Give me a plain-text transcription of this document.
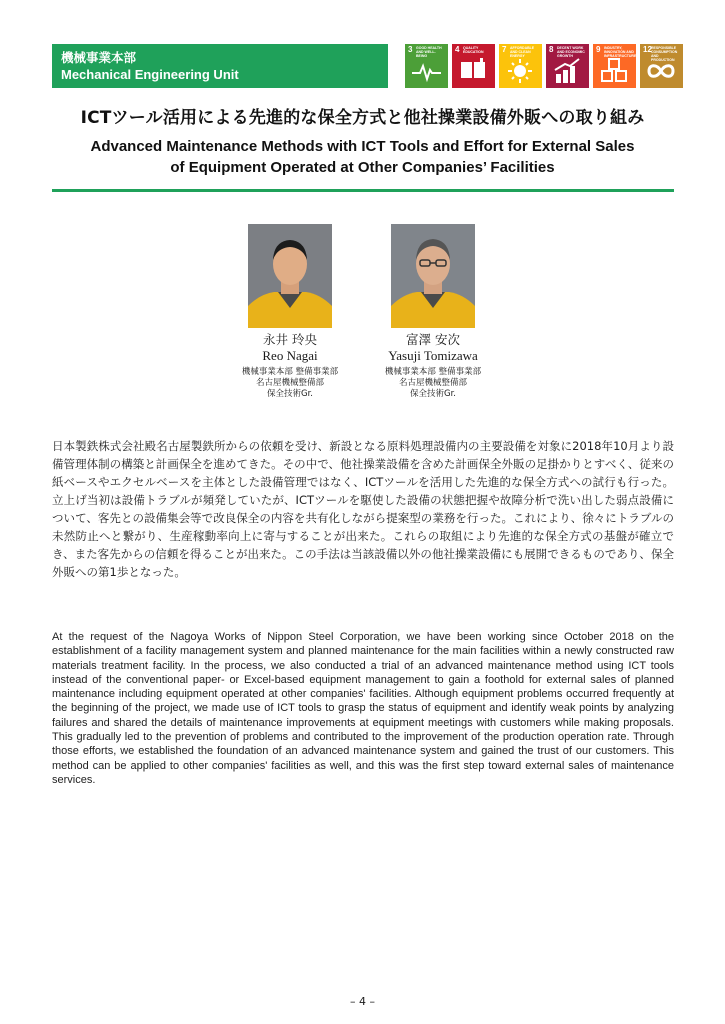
機械事業本部
Mechanical Engineering Unit
3 GOOD HEALTH AND WELL-BEING
4 QUALITY EDUCATION	7 AFFORDABLE AND CLEAN ENERGY
8 DECENT WORK AND ECONOMIC GROWTH
9 INDUSTRY, INNOVATION AND INFRASTRUCTURE
12 RESPONSIBLE CONSUMPTION AND PRODUCTION
ICTツール活用による先進的な保全方式と他社操業設備外販への取り組み
Advanced Maintenance Methods with ICT Tools and Effort for External Sales
of Equipment Operated at Other Companies’ Facilities
永井 玲央
Reo Nagai
機械事業本部 整備事業部
名古屋機械整備部
保全技術Gr.
富澤 安次
Yasuji Tomizawa
機械事業本部 整備事業部
名古屋機械整備部
保全技術Gr.
日本製鉄株式会社殿名古屋製鉄所からの依頼を受け、新設となる原料処理設備内の主要設備を対象に2018年10月より設備管理体制の構築と計画保全を進めてきた。その中で、他社操業設備を含めた計画保全外販の足掛かりとすべく、従来の紙ベースやエクセルベースを主体とした設備管理ではなく、ICTツールを活用した先進的な保全方式への試行も行った。立上げ当初は設備トラブルが頻発していたが、ICTツールを駆使した設備の状態把握や故障分析で洗い出した弱点設備について、客先との設備集会等で改良保全の内容を共有化しながら提案型の業務を行った。これにより、徐々にトラブルの未然防止へと繋がり、生産稼動率向上に寄与することが出来た。これらの取組により先進的な保全方式の基盤が確立でき、また客先からの信頼を得ることが出来た。この手法は当該設備以外の他社操業設備にも展開できるものであり、保全外販への第1歩となった。
At the request of the Nagoya Works of Nippon Steel Corporation, we have been working since October 2018 on the establishment of a facility management system and planned maintenance for the main facilities within a newly constructed raw materials treatment facility. In the process, we also conducted a trial of an advanced maintenance method using ICT tools instead of the conventional paper- or Excel-based equipment management to gain a foothold for external sales of planned maintenance including equipment operated at other companies' facilities. Although equipment problems occurred frequently at the beginning of the project, we made use of ICT tools to grasp the status of equipment and identify weak points by analyzing failures and shared the details of maintenance improvements at equipment meetings with customers while making proposals. This gradually led to the prevention of problems and contributed to the improvement of the production operation rate. Through those efforts, we established the foundation of an advanced maintenance system and gained the trust of our customers. This method can be applied to other companies' facilities as well, and this was the first step toward external sales of maintenance services.
– 4 –
